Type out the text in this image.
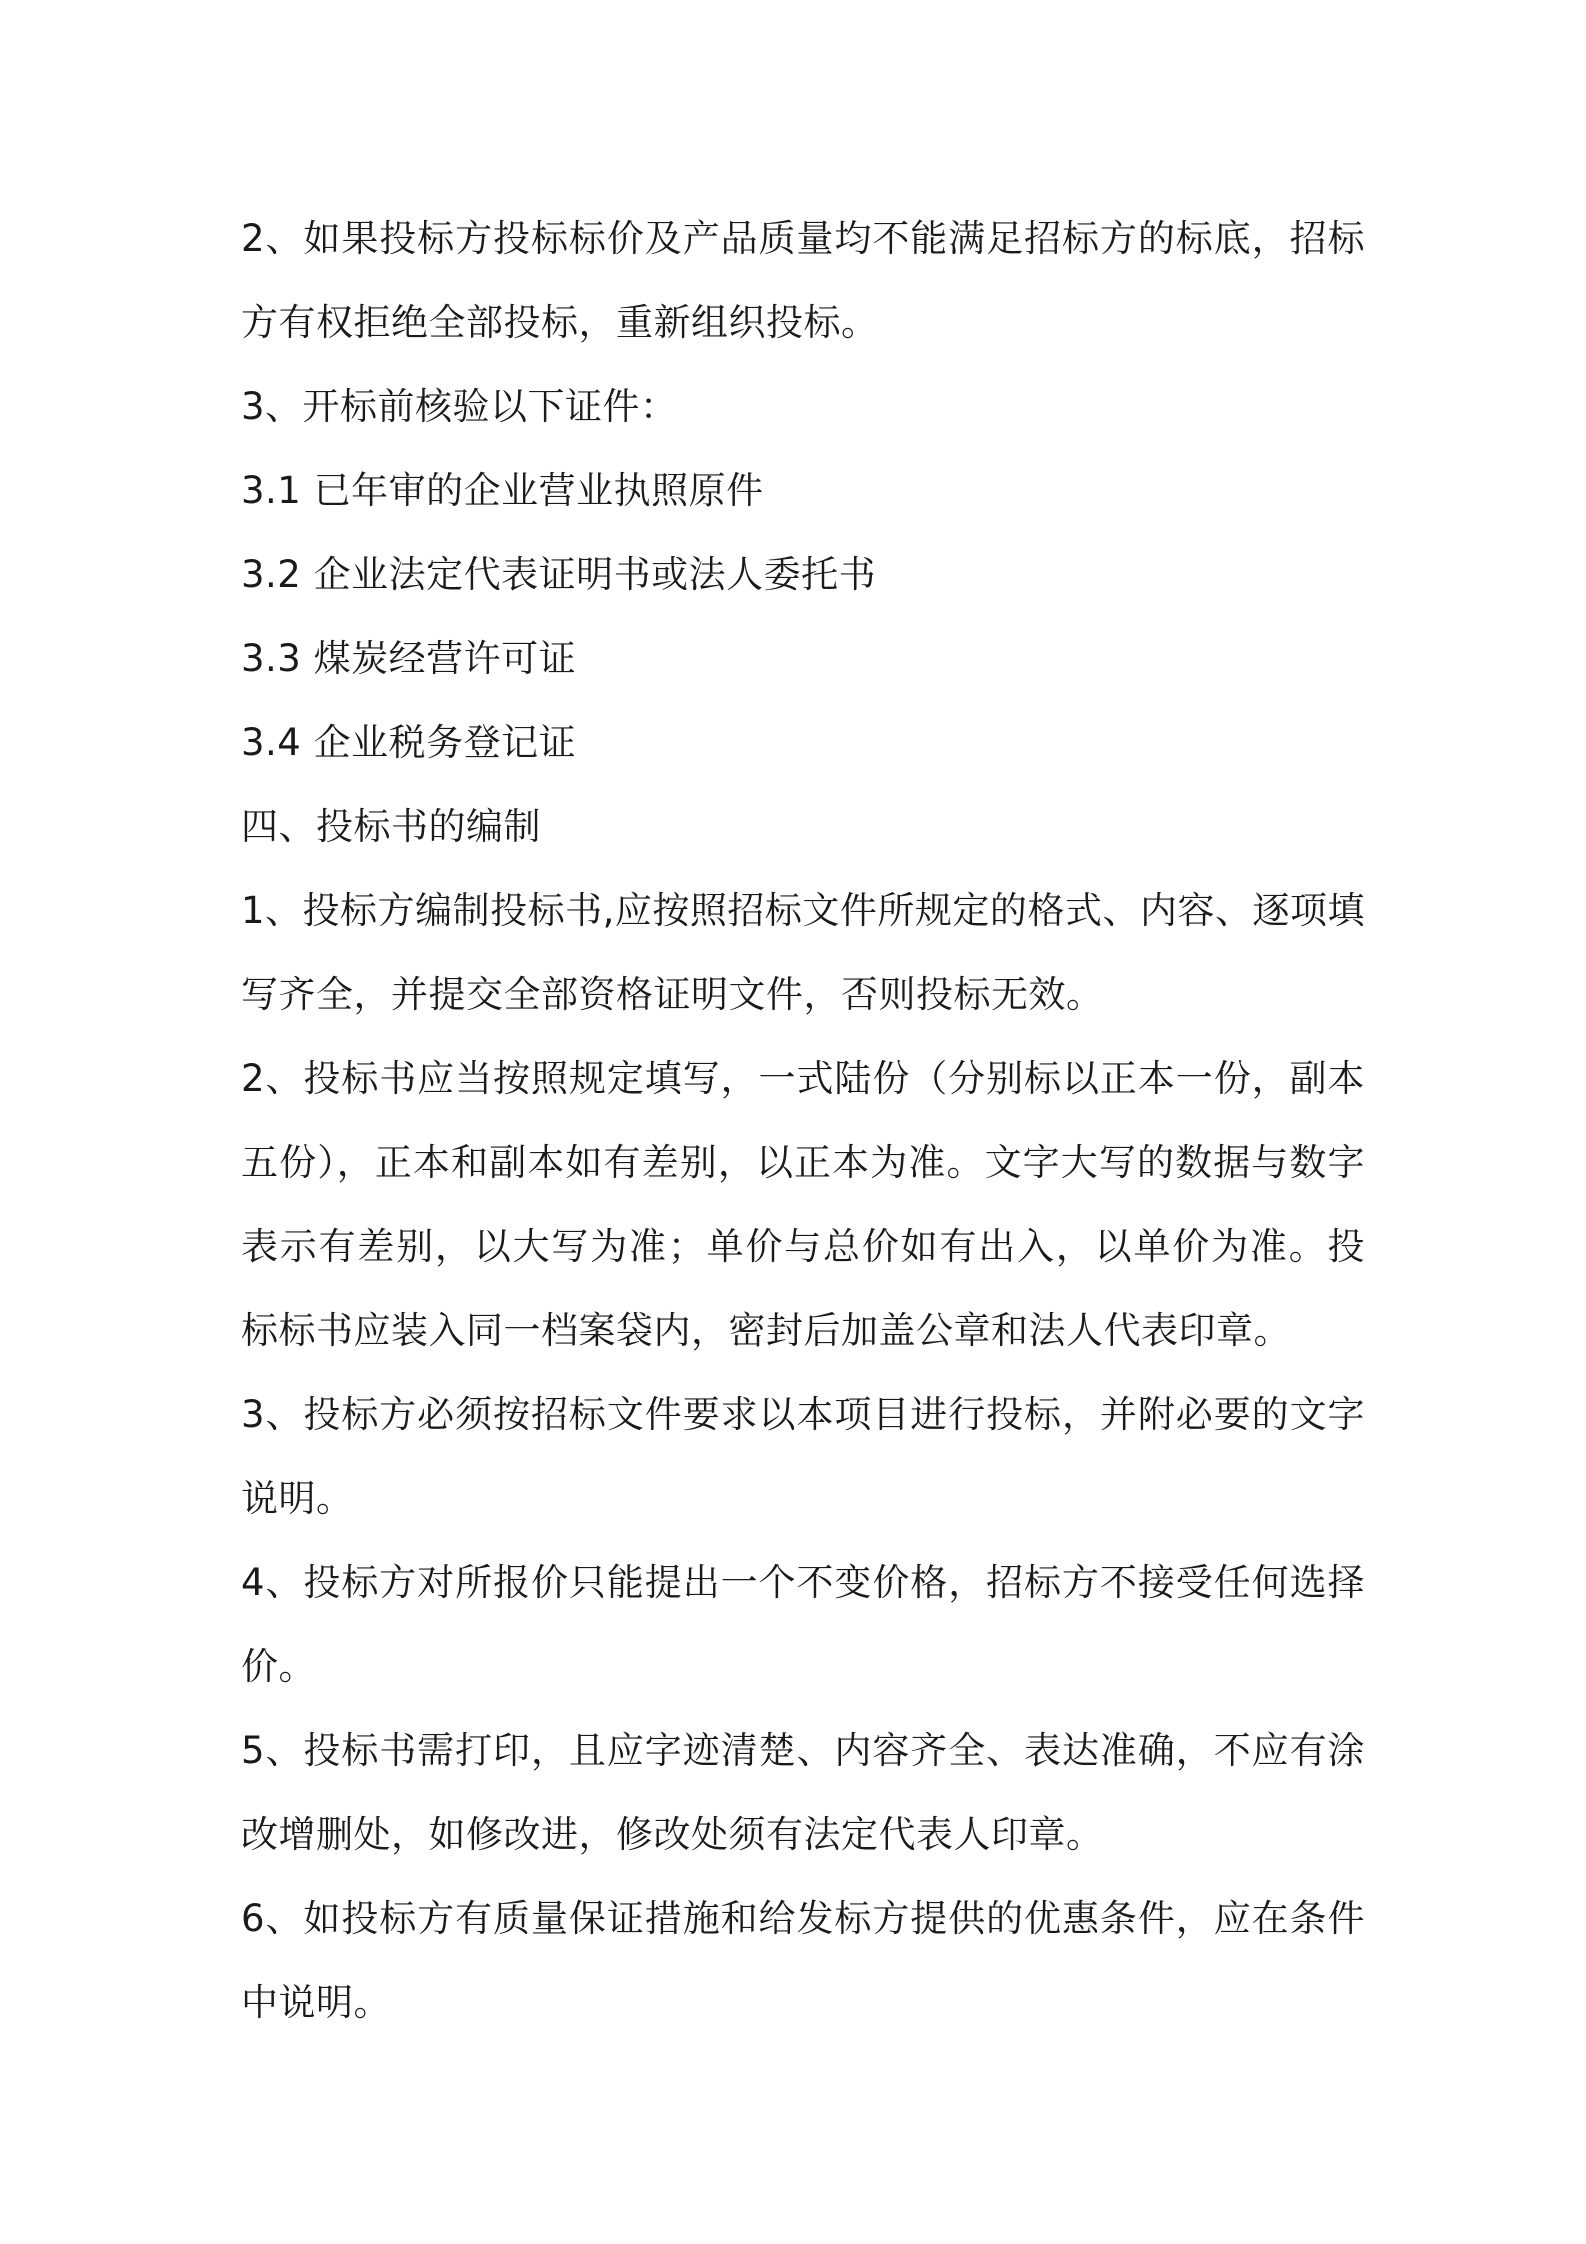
2、如果投标方投标标价及产品质量均不能满足招标方的标底，招标方有权拒绝全部投标，重新组织投标。

3、开标前核验以下证件：

3.1 已年审的企业营业执照原件

3.2 企业法定代表证明书或法人委托书

3.3 煤炭经营许可证

3.4 企业税务登记证

四、投标书的编制

1、投标方编制投标书,应按照招标文件所规定的格式、内容、逐项填写齐全，并提交全部资格证明文件，否则投标无效。

2、投标书应当按照规定填写，一式陆份（分别标以正本一份，副本五份），正本和副本如有差别，以正本为准。文字大写的数据与数字表示有差别，以大写为准；单价与总价如有出入，以单价为准。投标标书应装入同一档案袋内，密封后加盖公章和法人代表印章。

3、投标方必须按招标文件要求以本项目进行投标，并附必要的文字说明。

4、投标方对所报价只能提出一个不变价格，招标方不接受任何选择价。

5、投标书需打印，且应字迹清楚、内容齐全、表达准确，不应有涂改增删处，如修改进，修改处须有法定代表人印章。

6、如投标方有质量保证措施和给发标方提供的优惠条件，应在条件中说明。
